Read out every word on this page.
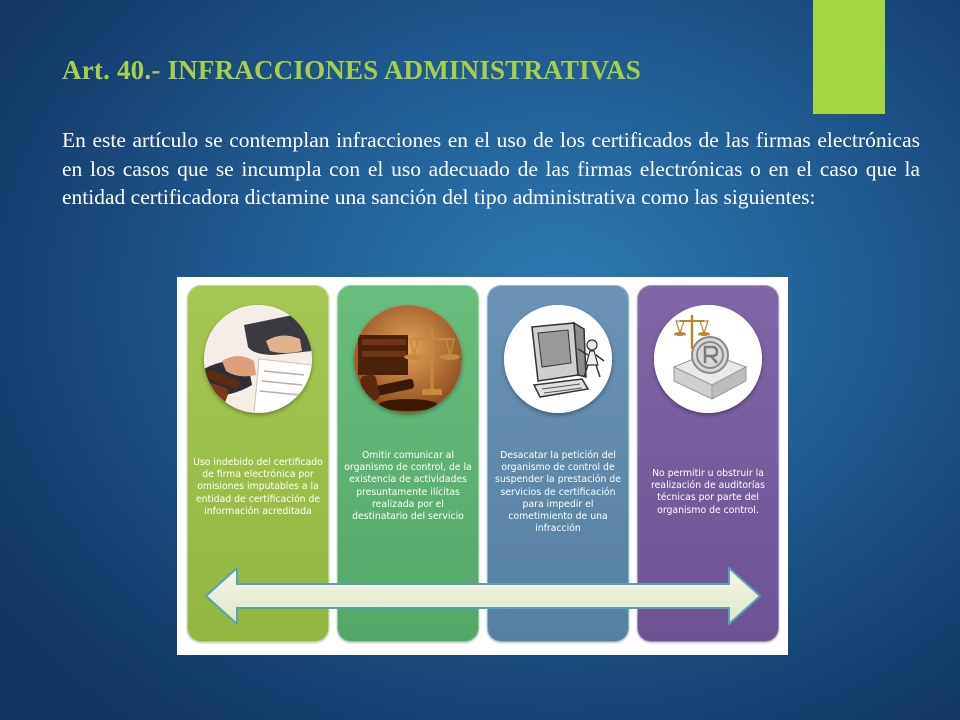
Art. 40.- INFRACCIONES ADMINISTRATIVAS

En este artículo se contemplan infracciones en el uso de los certificados de las firmas electrónicas en los casos que se incumpla con el uso adecuado de las firmas electrónicas o en el caso que la entidad certificadora dictamine una sanción del tipo administrativa como las siguientes:

Uso indebido del certificado de firma electrónica por omisiones imputables a la entidad de certificación de información acreditada
Omitir comunicar al organismo de control, de la existencia de actividades presuntamente ilícitas realizada por el destinatario del servicio
Desacatar la petición del organismo de control de suspender la prestación de servicios de certificación para impedir el cometimiento de una infracción
No permitir u obstruir la realización de auditorías técnicas por parte del organismo de control.
